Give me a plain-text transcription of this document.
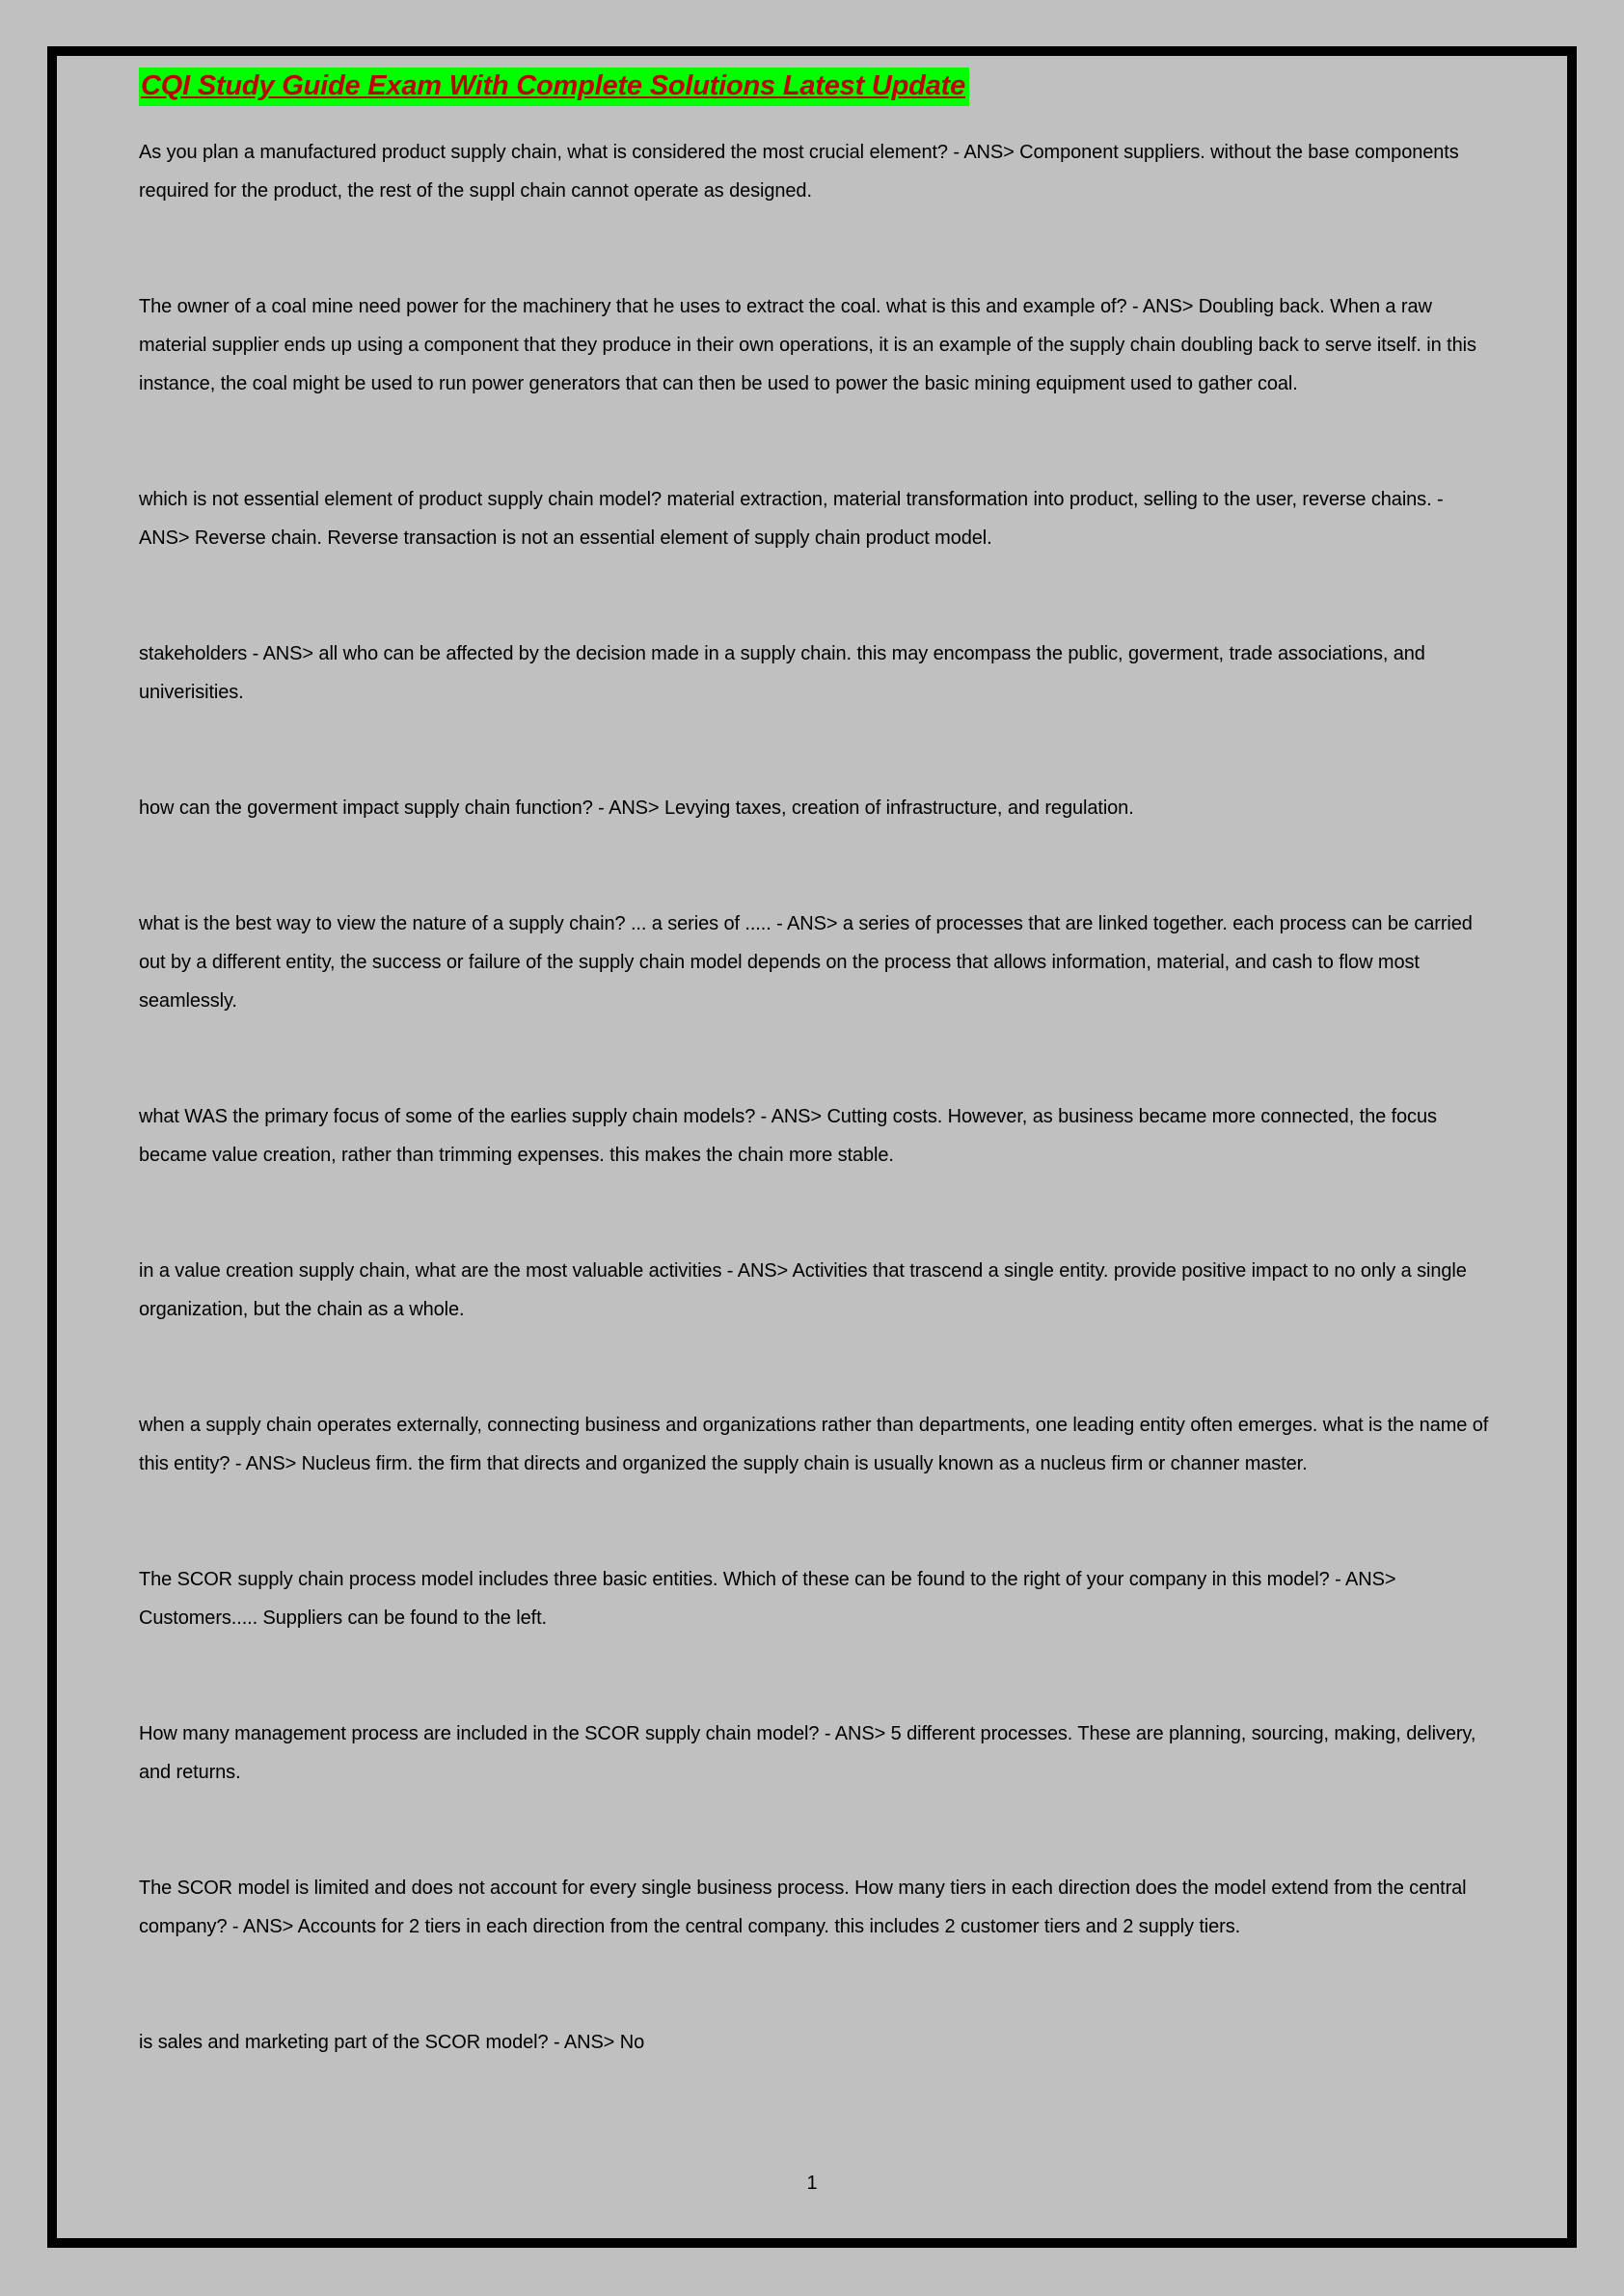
CQI Study Guide Exam With Complete Solutions Latest Update

As you plan a manufactured product supply chain, what is considered the most crucial element? - ANS> Component suppliers. without the base components required for the product, the rest of the suppl chain cannot operate as designed.

The owner of a coal mine need power for the machinery that he uses to extract the coal. what is this and example of? - ANS> Doubling back. When a raw material supplier ends up using a component that they produce in their own operations, it is an example of the supply chain doubling back to serve itself. in this instance, the coal might be used to run power generators that can then be used to power the basic mining equipment used to gather coal.

which is not essential element of product supply chain model? material extraction, material transformation into product, selling to the user, reverse chains. - ANS> Reverse chain. Reverse transaction is not an essential element of supply chain product model.

stakeholders - ANS> all who can be affected by the decision made in a supply chain. this may encompass the public, goverment, trade associations, and univerisities.

how can the goverment impact supply chain function? - ANS> Levying taxes, creation of infrastructure, and regulation.

what is the best way to view the nature of a supply chain? ... a series of ..... - ANS> a series of processes that are linked together. each process can be carried out by a different entity, the success or failure of the supply chain model depends on the process that allows information, material, and cash to flow most seamlessly.

what WAS the primary focus of some of the earlies supply chain models? - ANS> Cutting costs. However, as business became more connected, the focus became value creation, rather than trimming expenses. this makes the chain more stable.

in a value creation supply chain, what are the most valuable activities - ANS> Activities that trascend a single entity. provide positive impact to no only a single organization, but the chain as a whole.

when a supply chain operates externally, connecting business and organizations rather than departments, one leading entity often emerges. what is the name of this entity? - ANS> Nucleus firm. the firm that directs and organized the supply chain is usually known as a nucleus firm or channer master.

The SCOR supply chain process model includes three basic entities. Which of these can be found to the right of your company in this model? - ANS> Customers..... Suppliers can be found to the left.

How many management process are included in the SCOR supply chain model? - ANS> 5 different processes. These are planning, sourcing, making, delivery, and returns.

The SCOR model is limited and does not account for every single business process. How many tiers in each direction does the model extend from the central company? - ANS> Accounts for 2 tiers in each direction from the central company. this includes 2 customer tiers and 2 supply tiers.

is sales and marketing part of the SCOR model? - ANS> No

1
